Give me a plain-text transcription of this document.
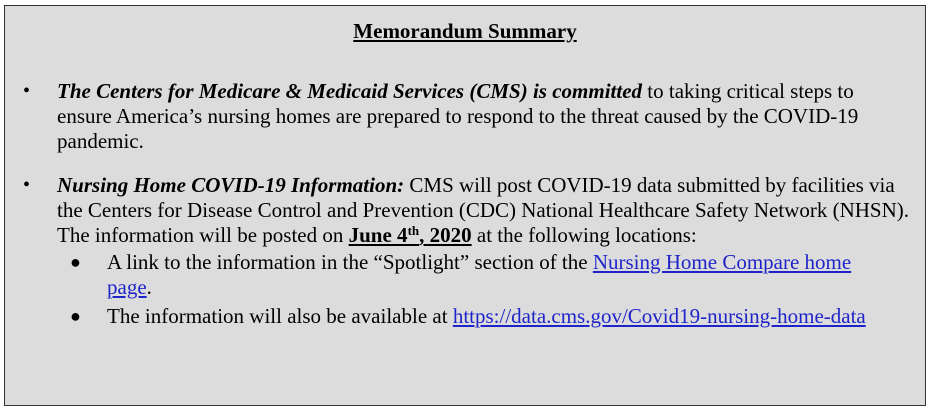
Memorandum Summary
• The Centers for Medicare & Medicaid Services (CMS) is committed to taking critical steps to ensure America’s nursing homes are prepared to respond to the threat caused by the COVID-19 pandemic.
• Nursing Home COVID-19 Information: CMS will post COVID-19 data submitted by facilities via the Centers for Disease Control and Prevention (CDC) National Healthcare Safety Network (NHSN). The information will be posted on June 4th, 2020 at the following locations:
● A link to the information in the “Spotlight” section of the Nursing Home Compare home page.
● The information will also be available at https://data.cms.gov/Covid19-nursing-home-data
